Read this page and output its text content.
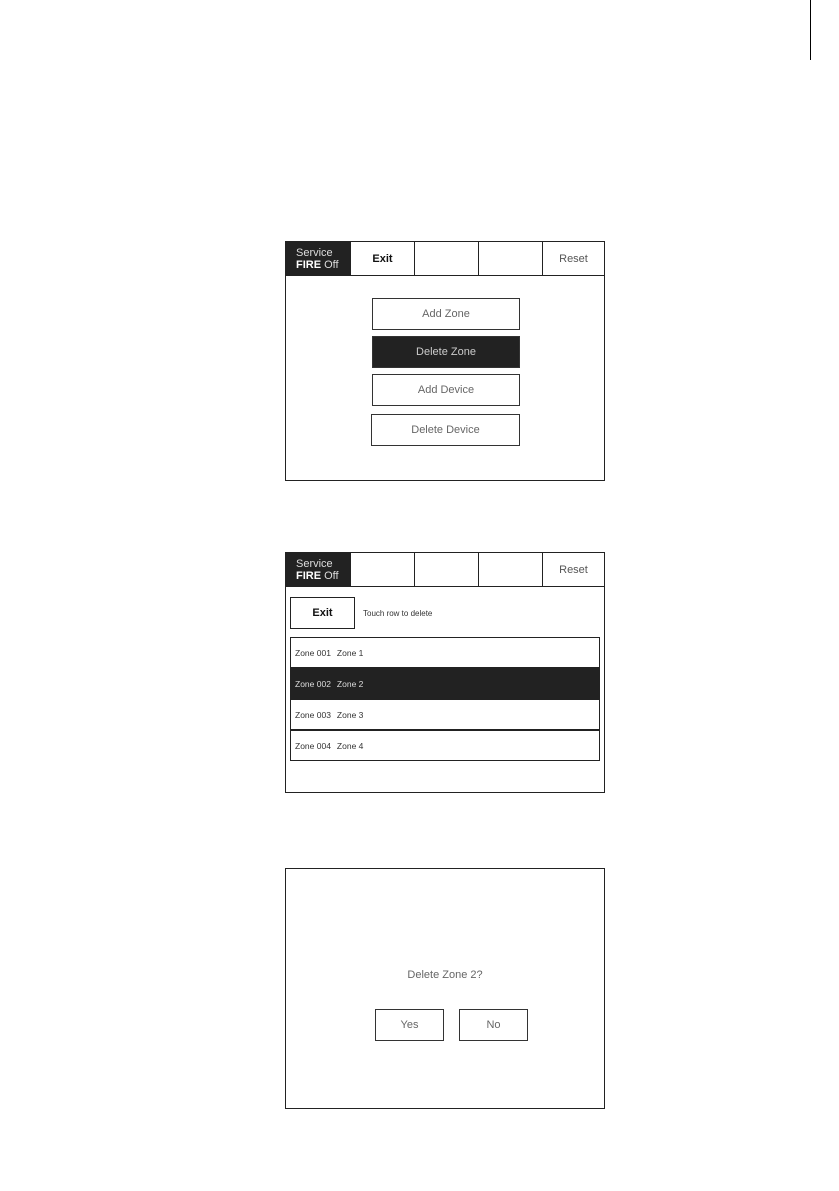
Service
FIRE Off	Exit	Reset
Add Zone
Delete Zone
Add Device
Delete Device
Service
FIRE Off	Reset
Exit	Touch row to delete
Zone 001 Zone 1
Zone 002 Zone 2
Zone 003 Zone 3
Zone 004 Zone 4
Delete Zone 2?
Yes	No
